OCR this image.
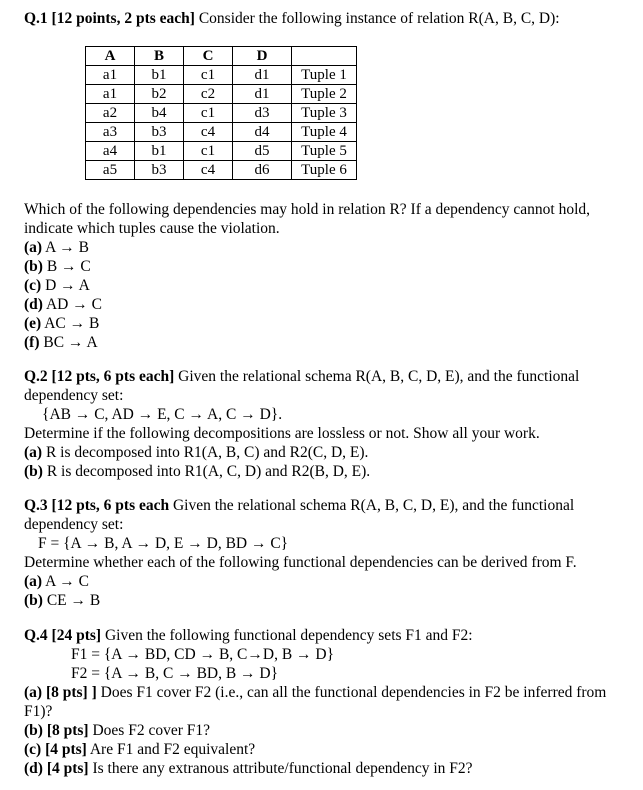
Q.1 [12 points, 2 pts each] Consider the following instance of relation R(A, B, C, D):
A	B	C	D	
a1	b1	c1	d1	Tuple 1
a1	b2	c2	d1	Tuple 2
a2	b4	c1	d3	Tuple 3
a3	b3	c4	d4	Tuple 4
a4	b1	c1	d5	Tuple 5
a5	b3	c4	d6	Tuple 6
Which of the following dependencies may hold in relation R? If a dependency cannot hold,
indicate which tuples cause the violation.
(a) A → B
(b) B → C
(c) D → A
(d) AD → C
(e) AC → B
(f) BC → A
Q.2 [12 pts, 6 pts each] Given the relational schema R(A, B, C, D, E), and the functional
dependency set:
{AB → C, AD → E, C → A, C → D}.
Determine if the following decompositions are lossless or not. Show all your work.
(a) R is decomposed into R1(A, B, C) and R2(C, D, E).
(b) R is decomposed into R1(A, C, D) and R2(B, D, E).
Q.3 [12 pts, 6 pts each Given the relational schema R(A, B, C, D, E), and the functional
dependency set:
F = {A → B, A → D, E → D, BD → C}
Determine whether each of the following functional dependencies can be derived from F.
(a) A → C
(b) CE → B
Q.4 [24 pts] Given the following functional dependency sets F1 and F2:
F1 = {A → BD, CD → B, C→D, B → D}
F2 = {A → B, C → BD, B → D}
(a) [8 pts] ] Does F1 cover F2 (i.e., can all the functional dependencies in F2 be inferred from
F1)?
(b) [8 pts] Does F2 cover F1?
(c) [4 pts] Are F1 and F2 equivalent?
(d) [4 pts] Is there any extranous attribute/functional dependency in F2?
